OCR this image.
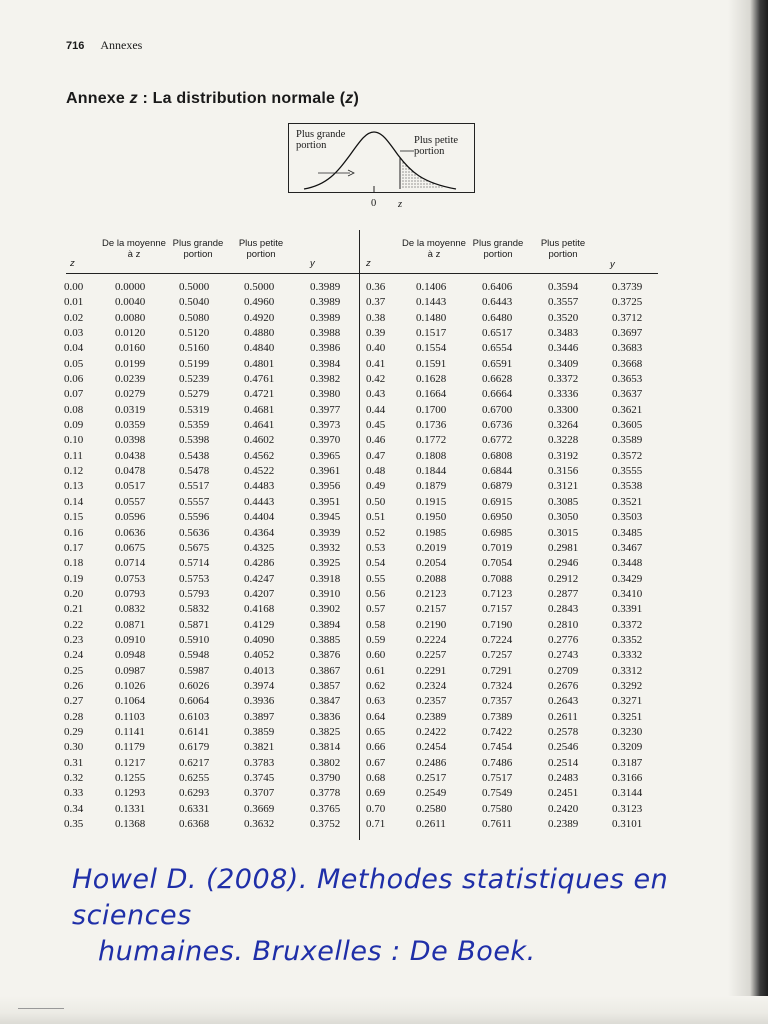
716 Annexes
Annexe z : La distribution normale (z)
Plus grande
portion	Plus petite
portion
0 z
z
De la moyenne
à z
Plus grande
portion
Plus petite
portion
y
0.00	0.0000	0.5000	0.5000	0.3989
0.01	0.0040	0.5040	0.4960	0.3989
0.02	0.0080	0.5080	0.4920	0.3989
0.03	0.0120	0.5120	0.4880	0.3988
0.04	0.0160	0.5160	0.4840	0.3986
0.05	0.0199	0.5199	0.4801	0.3984
0.06	0.0239	0.5239	0.4761	0.3982
0.07	0.0279	0.5279	0.4721	0.3980
0.08	0.0319	0.5319	0.4681	0.3977
0.09	0.0359	0.5359	0.4641	0.3973
0.10	0.0398	0.5398	0.4602	0.3970
0.11	0.0438	0.5438	0.4562	0.3965
0.12	0.0478	0.5478	0.4522	0.3961
0.13	0.0517	0.5517	0.4483	0.3956
0.14	0.0557	0.5557	0.4443	0.3951
0.15	0.0596	0.5596	0.4404	0.3945
0.16	0.0636	0.5636	0.4364	0.3939
0.17	0.0675	0.5675	0.4325	0.3932
0.18	0.0714	0.5714	0.4286	0.3925
0.19	0.0753	0.5753	0.4247	0.3918
0.20	0.0793	0.5793	0.4207	0.3910
0.21	0.0832	0.5832	0.4168	0.3902
0.22	0.0871	0.5871	0.4129	0.3894
0.23	0.0910	0.5910	0.4090	0.3885
0.24	0.0948	0.5948	0.4052	0.3876
0.25	0.0987	0.5987	0.4013	0.3867
0.26	0.1026	0.6026	0.3974	0.3857
0.27	0.1064	0.6064	0.3936	0.3847
0.28	0.1103	0.6103	0.3897	0.3836
0.29	0.1141	0.6141	0.3859	0.3825
0.30	0.1179	0.6179	0.3821	0.3814
0.31	0.1217	0.6217	0.3783	0.3802
0.32	0.1255	0.6255	0.3745	0.3790
0.33	0.1293	0.6293	0.3707	0.3778
0.34	0.1331	0.6331	0.3669	0.3765
0.35	0.1368	0.6368	0.3632	0.3752
z
De la moyenne
à z
Plus grande
portion
Plus petite
portion
y
0.36	0.1406	0.6406	0.3594	0.3739
0.37	0.1443	0.6443	0.3557	0.3725
0.38	0.1480	0.6480	0.3520	0.3712
0.39	0.1517	0.6517	0.3483	0.3697
0.40	0.1554	0.6554	0.3446	0.3683
0.41	0.1591	0.6591	0.3409	0.3668
0.42	0.1628	0.6628	0.3372	0.3653
0.43	0.1664	0.6664	0.3336	0.3637
0.44	0.1700	0.6700	0.3300	0.3621
0.45	0.1736	0.6736	0.3264	0.3605
0.46	0.1772	0.6772	0.3228	0.3589
0.47	0.1808	0.6808	0.3192	0.3572
0.48	0.1844	0.6844	0.3156	0.3555
0.49	0.1879	0.6879	0.3121	0.3538
0.50	0.1915	0.6915	0.3085	0.3521
0.51	0.1950	0.6950	0.3050	0.3503
0.52	0.1985	0.6985	0.3015	0.3485
0.53	0.2019	0.7019	0.2981	0.3467
0.54	0.2054	0.7054	0.2946	0.3448
0.55	0.2088	0.7088	0.2912	0.3429
0.56	0.2123	0.7123	0.2877	0.3410
0.57	0.2157	0.7157	0.2843	0.3391
0.58	0.2190	0.7190	0.2810	0.3372
0.59	0.2224	0.7224	0.2776	0.3352
0.60	0.2257	0.7257	0.2743	0.3332
0.61	0.2291	0.7291	0.2709	0.3312
0.62	0.2324	0.7324	0.2676	0.3292
0.63	0.2357	0.7357	0.2643	0.3271
0.64	0.2389	0.7389	0.2611	0.3251
0.65	0.2422	0.7422	0.2578	0.3230
0.66	0.2454	0.7454	0.2546	0.3209
0.67	0.2486	0.7486	0.2514	0.3187
0.68	0.2517	0.7517	0.2483	0.3166
0.69	0.2549	0.7549	0.2451	0.3144
0.70	0.2580	0.7580	0.2420	0.3123
0.71	0.2611	0.7611	0.2389	0.3101
Howel D. (2008). Methodes statistiques en sciences
humaines. Bruxelles : De Boek.
